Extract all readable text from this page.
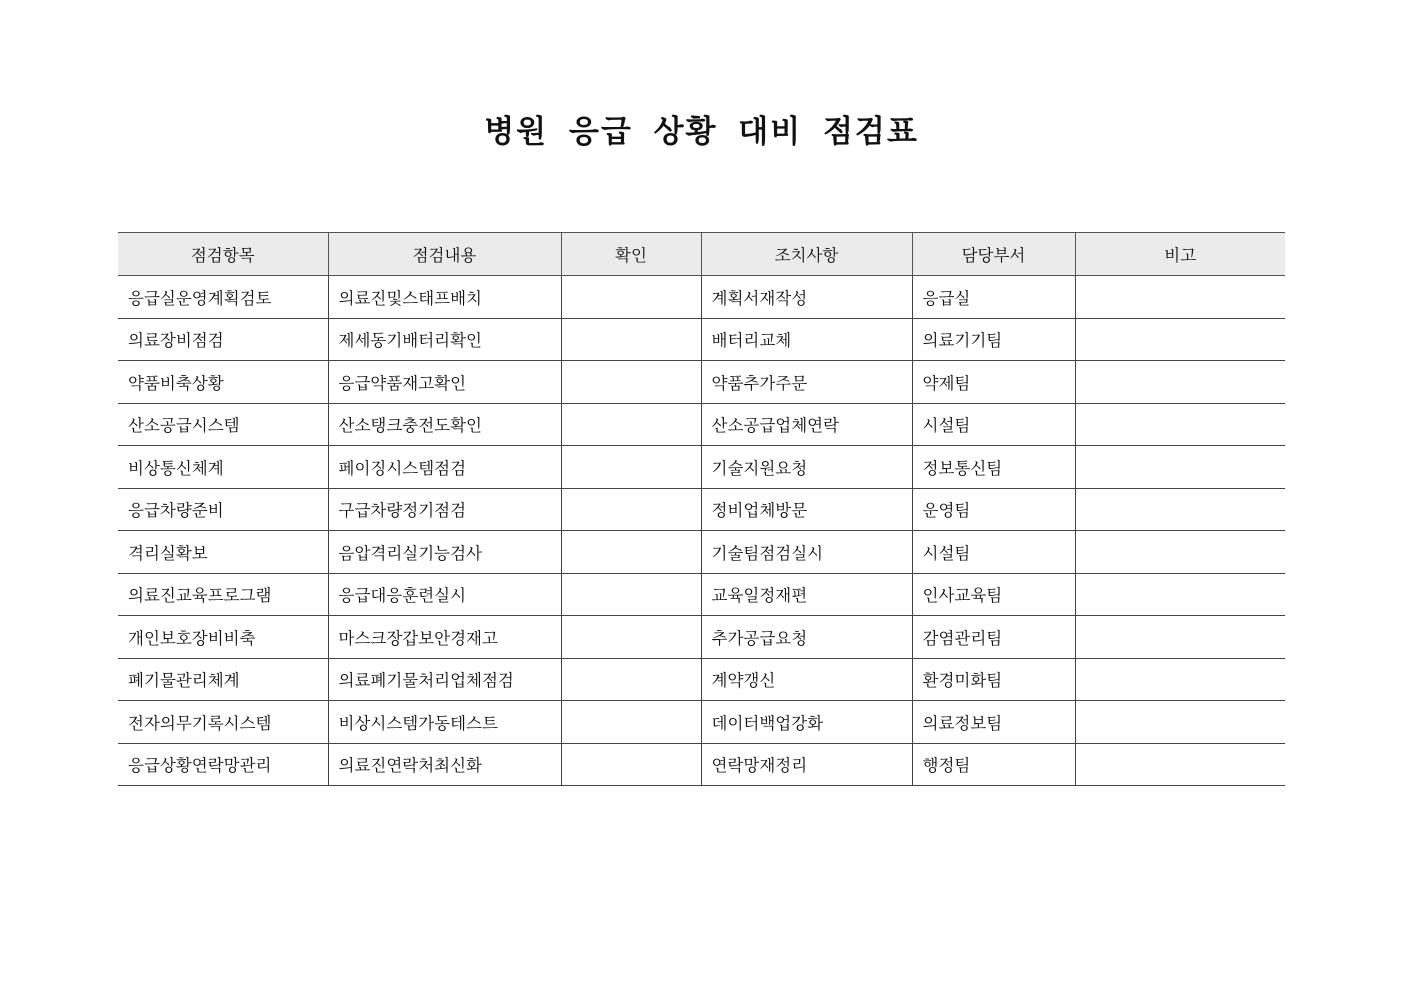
병원 응급 상황 대비 점검표
점검항목	점검내용	확인	조치사항	담당부서	비고
응급실운영계획검토	의료진및스태프배치		계획서재작성	응급실	
의료장비점검	제세동기배터리확인		배터리교체	의료기기팀	
약품비축상황	응급약품재고확인		약품추가주문	약제팀	
산소공급시스템	산소탱크충전도확인		산소공급업체연락	시설팀	
비상통신체계	페이징시스템점검		기술지원요청	정보통신팀	
응급차량준비	구급차량정기점검		정비업체방문	운영팀	
격리실확보	음압격리실기능검사		기술팀점검실시	시설팀	
의료진교육프로그램	응급대응훈련실시		교육일정재편	인사교육팀	
개인보호장비비축	마스크장갑보안경재고		추가공급요청	감염관리팀	
폐기물관리체계	의료폐기물처리업체점검		계약갱신	환경미화팀	
전자의무기록시스템	비상시스템가동테스트		데이터백업강화	의료정보팀	
응급상황연락망관리	의료진연락처최신화		연락망재정리	행정팀	
